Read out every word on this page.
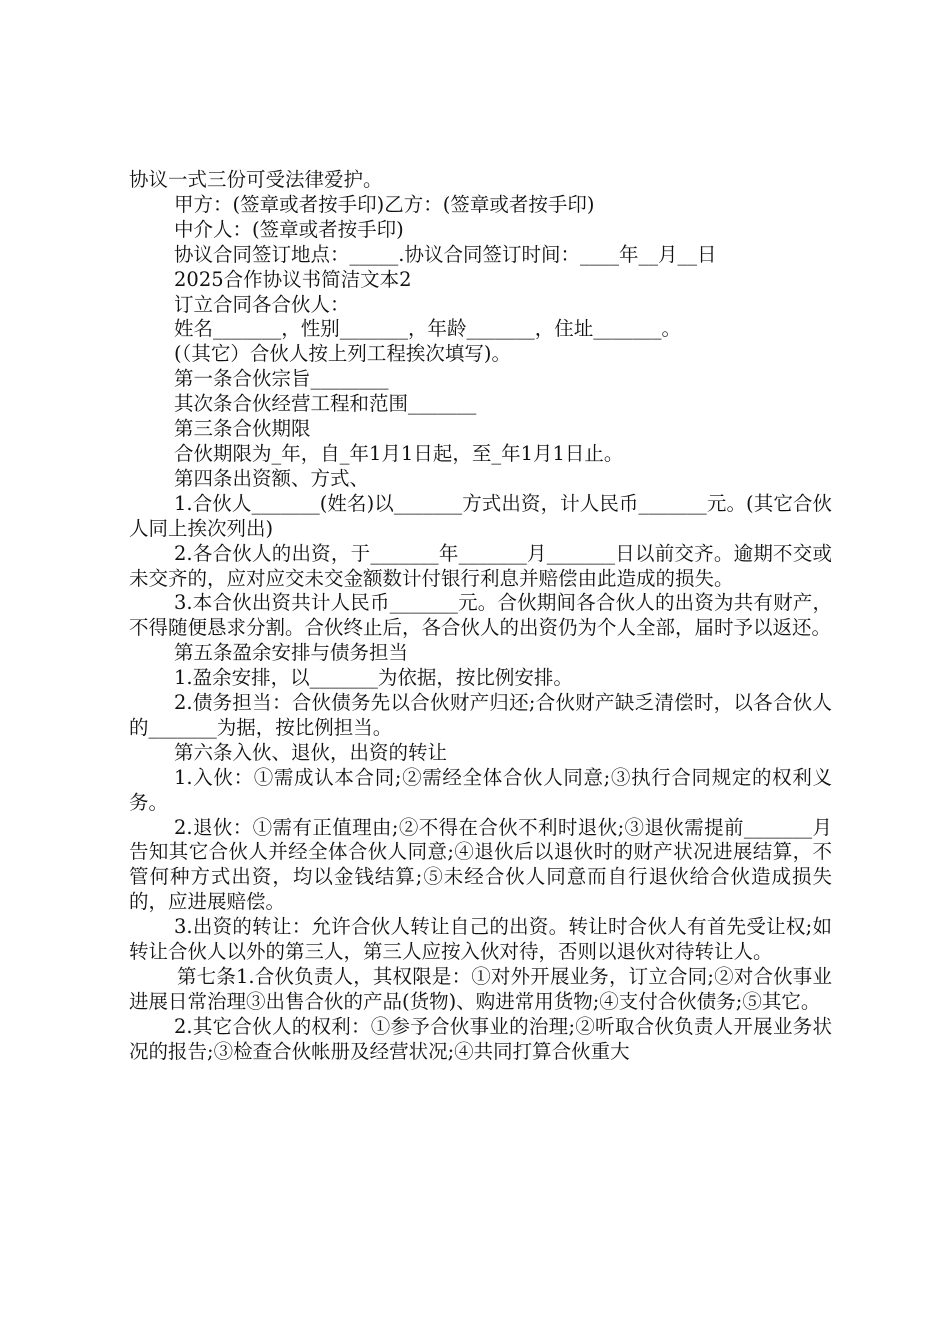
协议一式三份可受法律爱护。

甲方：(签章或者按手印)乙方：(签章或者按手印)

中介人：(签章或者按手印)

协议合同签订地点：_____.协议合同签订时间：____年__月__日

2025合作协议书简洁文本2

订立合同各合伙人：

姓名_______，性别_______，年龄_______，住址_______。

(（其它）合伙人按上列工程挨次填写)。

第一条合伙宗旨________

其次条合伙经营工程和范围_______

第三条合伙期限

合伙期限为_年，自_年1月1日起，至_年1月1日止。

第四条出资额、方式、

1.合伙人_______(姓名)以_______方式出资，计人民币_______元。(其它合伙人同上挨次列出)

2.各合伙人的出资，于_______年_______月_______日以前交齐。逾期不交或未交齐的，应对应交未交金额数计付银行利息并赔偿由此造成的损失。

3.本合伙出资共计人民币_______元。合伙期间各合伙人的出资为共有财产，不得随便恳求分割。合伙终止后，各合伙人的出资仍为个人全部，届时予以返还。

第五条盈余安排与债务担当

1.盈余安排，以_______为依据，按比例安排。

2.债务担当：合伙债务先以合伙财产归还;合伙财产缺乏清偿时，以各合伙人的_______为据，按比例担当。

第六条入伙、退伙，出资的转让

1.入伙：①需成认本合同;②需经全体合伙人同意;③执行合同规定的权利义务。

2.退伙：①需有正值理由;②不得在合伙不利时退伙;③退伙需提前_______月告知其它合伙人并经全体合伙人同意;④退伙后以退伙时的财产状况进展结算，不管何种方式出资，均以金钱结算;⑤未经合伙人同意而自行退伙给合伙造成损失的，应进展赔偿。

3.出资的转让：允许合伙人转让自己的出资。转让时合伙人有首先受让权;如转让合伙人以外的第三人，第三人应按入伙对待，否则以退伙对待转让人。

第七条1.合伙负责人，其权限是：①对外开展业务，订立合同;②对合伙事业进展日常治理③出售合伙的产品(货物)、购进常用货物;④支付合伙债务;⑤其它。

2.其它合伙人的权利：①参予合伙事业的治理;②听取合伙负责人开展业务状况的报告;③检查合伙帐册及经营状况;④共同打算合伙重大
